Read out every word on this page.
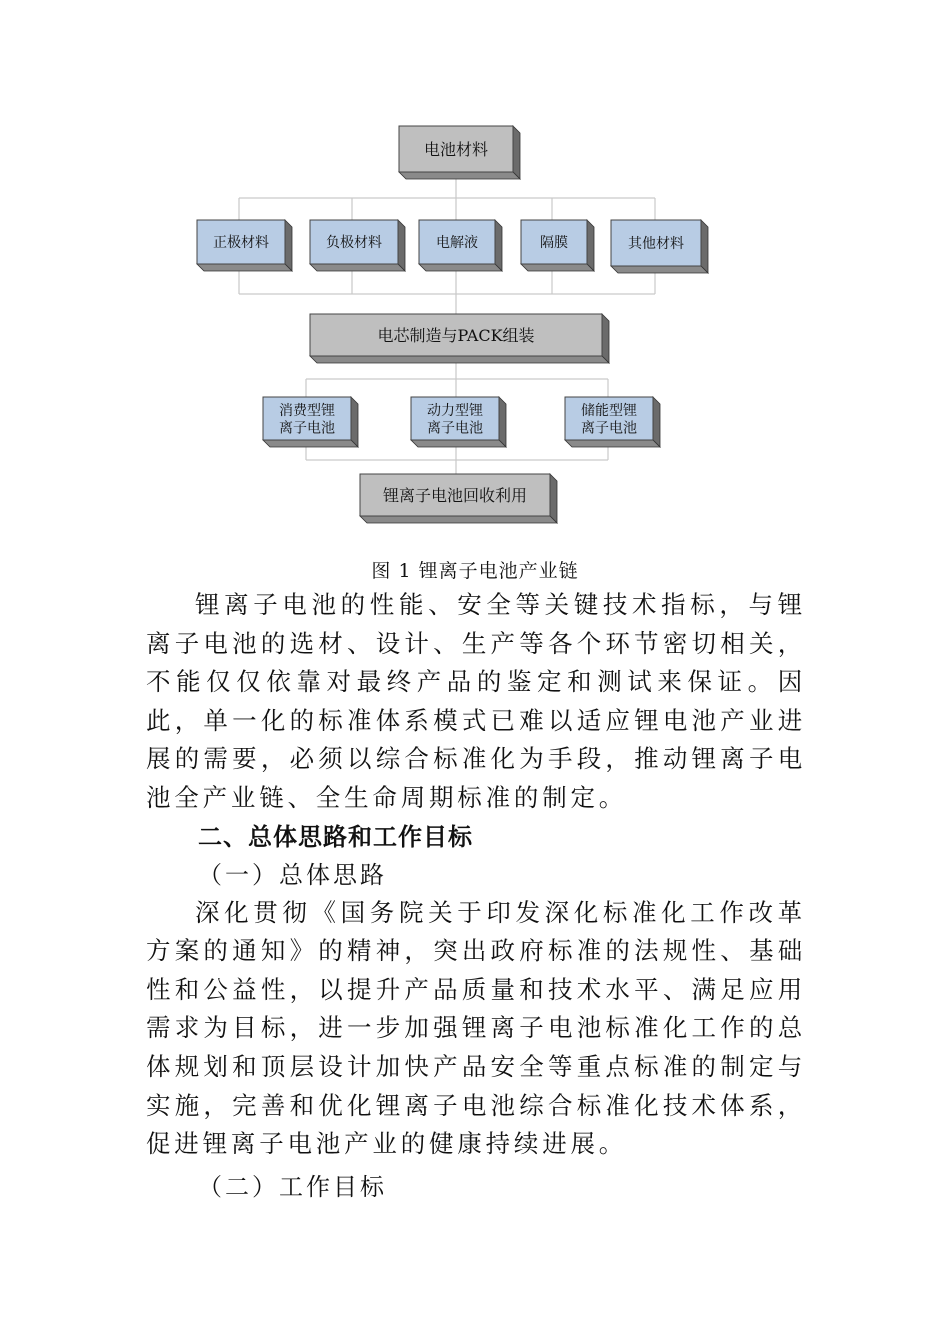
电池材料
正极材料	负极材料	电解液	隔膜	其他材料
电芯制造与PACK组装
消费型锂
离子电池
动力型锂
离子电池
储能型锂
离子电池
锂离子电池回收利用
图 1 锂离子电池产业链

锂离子电池的性能、安全等关键技术指标，与锂离子电池的选材、设计、生产等各个环节密切相关，不能仅仅依靠对最终产品的鉴定和测试来保证。因此，单一化的标准体系模式已难以适应锂电池产业进展的需要，必须以综合标准化为手段，推动锂离子电池全产业链、全生命周期标准的制定。

二、总体思路和工作目标

（一）总体思路

深化贯彻《国务院关于印发深化标准化工作改革方案的通知》的精神，突出政府标准的法规性、基础性和公益性，以提升产品质量和技术水平、满足应用需求为目标，进一步加强锂离子电池标准化工作的总体规划和顶层设计加快产品安全等重点标准的制定与实施，完善和优化锂离子电池综合标准化技术体系，促进锂离子电池产业的健康持续进展。

（二）工作目标
